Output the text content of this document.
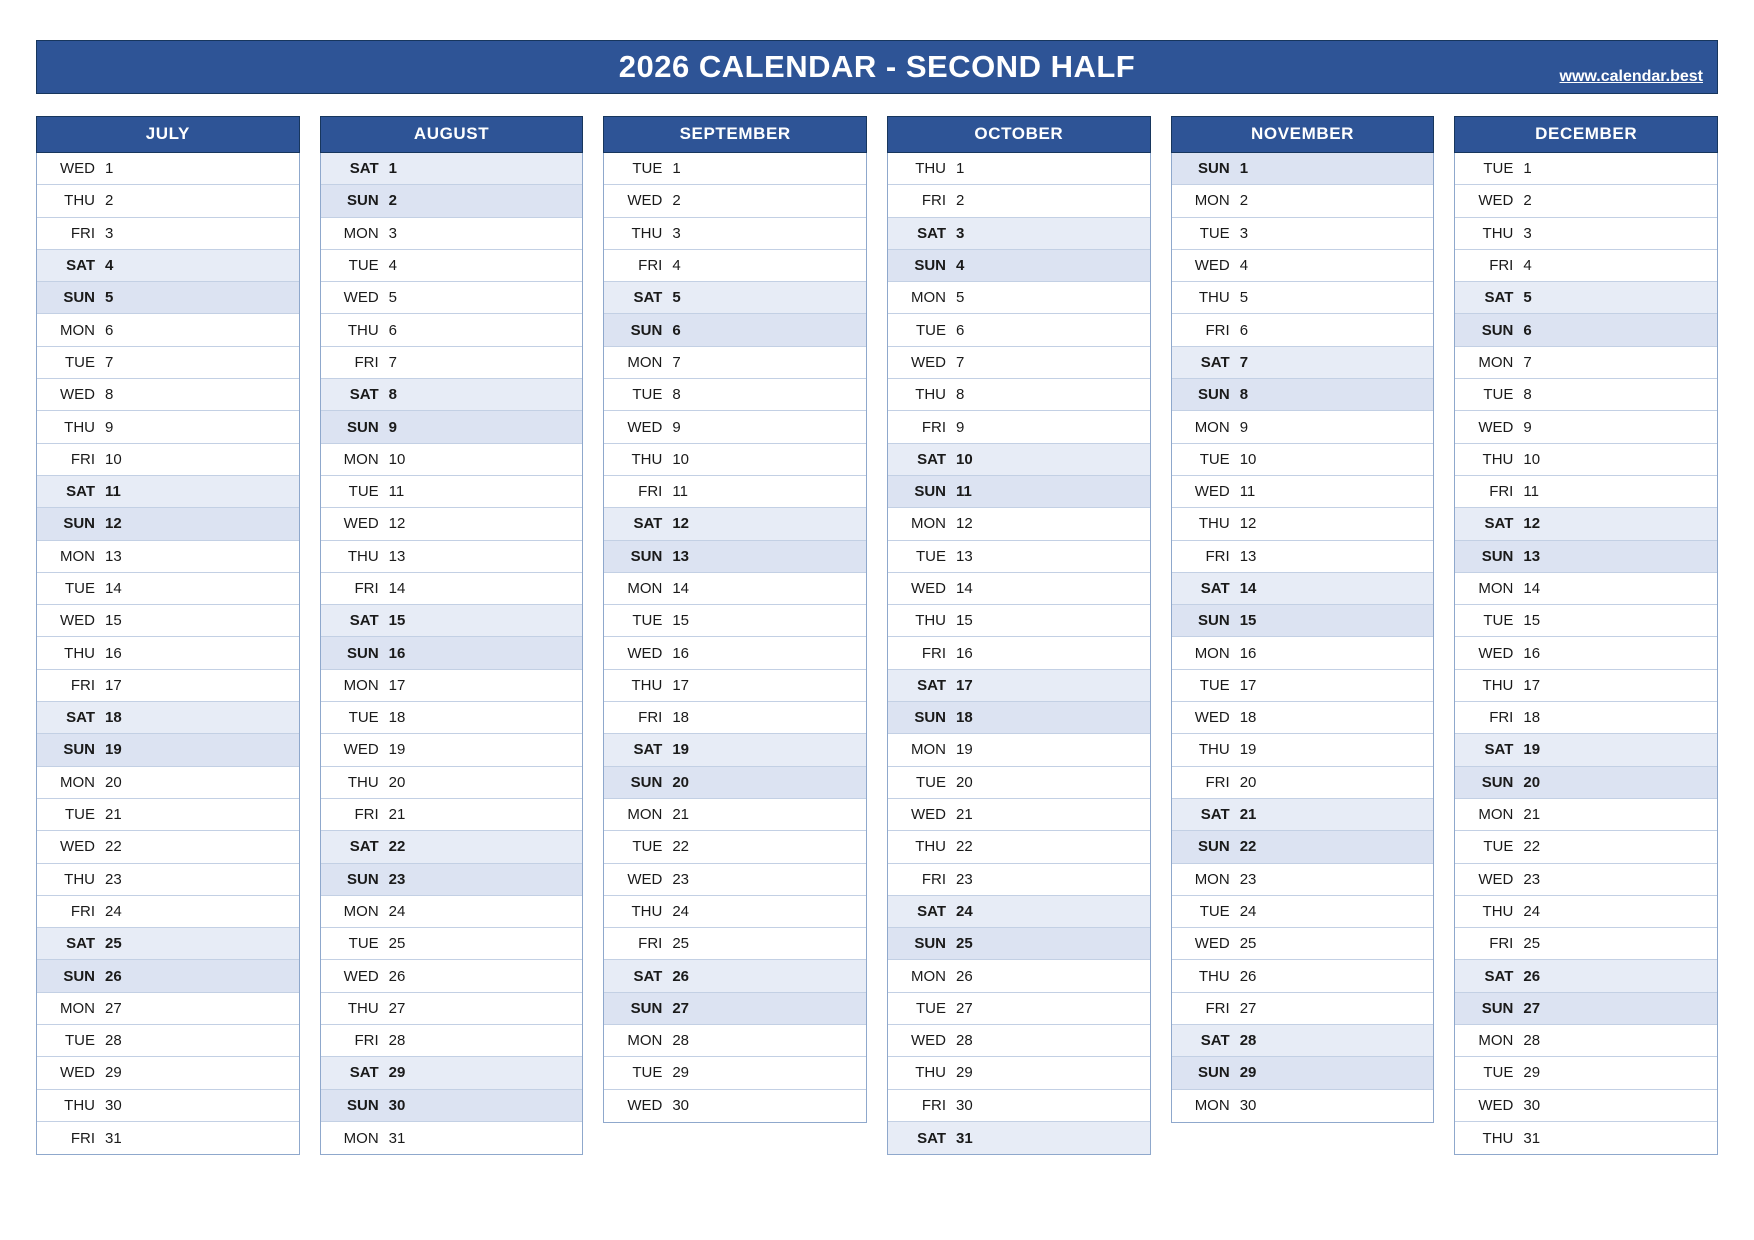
2026 CALENDAR - SECOND HALF	www.calendar.best
JULY
WED 1
THU 2
FRI 3
SAT 4
SUN 5
MON 6
TUE 7
WED 8
THU 9
FRI 10
SAT 11
SUN 12
MON 13
TUE 14
WED 15
THU 16
FRI 17
SAT 18
SUN 19
MON 20
TUE 21
WED 22
THU 23
FRI 24
SAT 25
SUN 26
MON 27
TUE 28
WED 29
THU 30
FRI 31
AUGUST
SAT 1
SUN 2
MON 3
TUE 4
WED 5
THU 6
FRI 7
SAT 8
SUN 9
MON 10
TUE 11
WED 12
THU 13
FRI 14
SAT 15
SUN 16
MON 17
TUE 18
WED 19
THU 20
FRI 21
SAT 22
SUN 23
MON 24
TUE 25
WED 26
THU 27
FRI 28
SAT 29
SUN 30
MON 31
SEPTEMBER
TUE 1
WED 2
THU 3
FRI 4
SAT 5
SUN 6
MON 7
TUE 8
WED 9
THU 10
FRI 11
SAT 12
SUN 13
MON 14
TUE 15
WED 16
THU 17
FRI 18
SAT 19
SUN 20
MON 21
TUE 22
WED 23
THU 24
FRI 25
SAT 26
SUN 27
MON 28
TUE 29
WED 30
OCTOBER
THU 1
FRI 2
SAT 3
SUN 4
MON 5
TUE 6
WED 7
THU 8
FRI 9
SAT 10
SUN 11
MON 12
TUE 13
WED 14
THU 15
FRI 16
SAT 17
SUN 18
MON 19
TUE 20
WED 21
THU 22
FRI 23
SAT 24
SUN 25
MON 26
TUE 27
WED 28
THU 29
FRI 30
SAT 31
NOVEMBER
SUN 1
MON 2
TUE 3
WED 4
THU 5
FRI 6
SAT 7
SUN 8
MON 9
TUE 10
WED 11
THU 12
FRI 13
SAT 14
SUN 15
MON 16
TUE 17
WED 18
THU 19
FRI 20
SAT 21
SUN 22
MON 23
TUE 24
WED 25
THU 26
FRI 27
SAT 28
SUN 29
MON 30
DECEMBER
TUE 1
WED 2
THU 3
FRI 4
SAT 5
SUN 6
MON 7
TUE 8
WED 9
THU 10
FRI 11
SAT 12
SUN 13
MON 14
TUE 15
WED 16
THU 17
FRI 18
SAT 19
SUN 20
MON 21
TUE 22
WED 23
THU 24
FRI 25
SAT 26
SUN 27
MON 28
TUE 29
WED 30
THU 31
